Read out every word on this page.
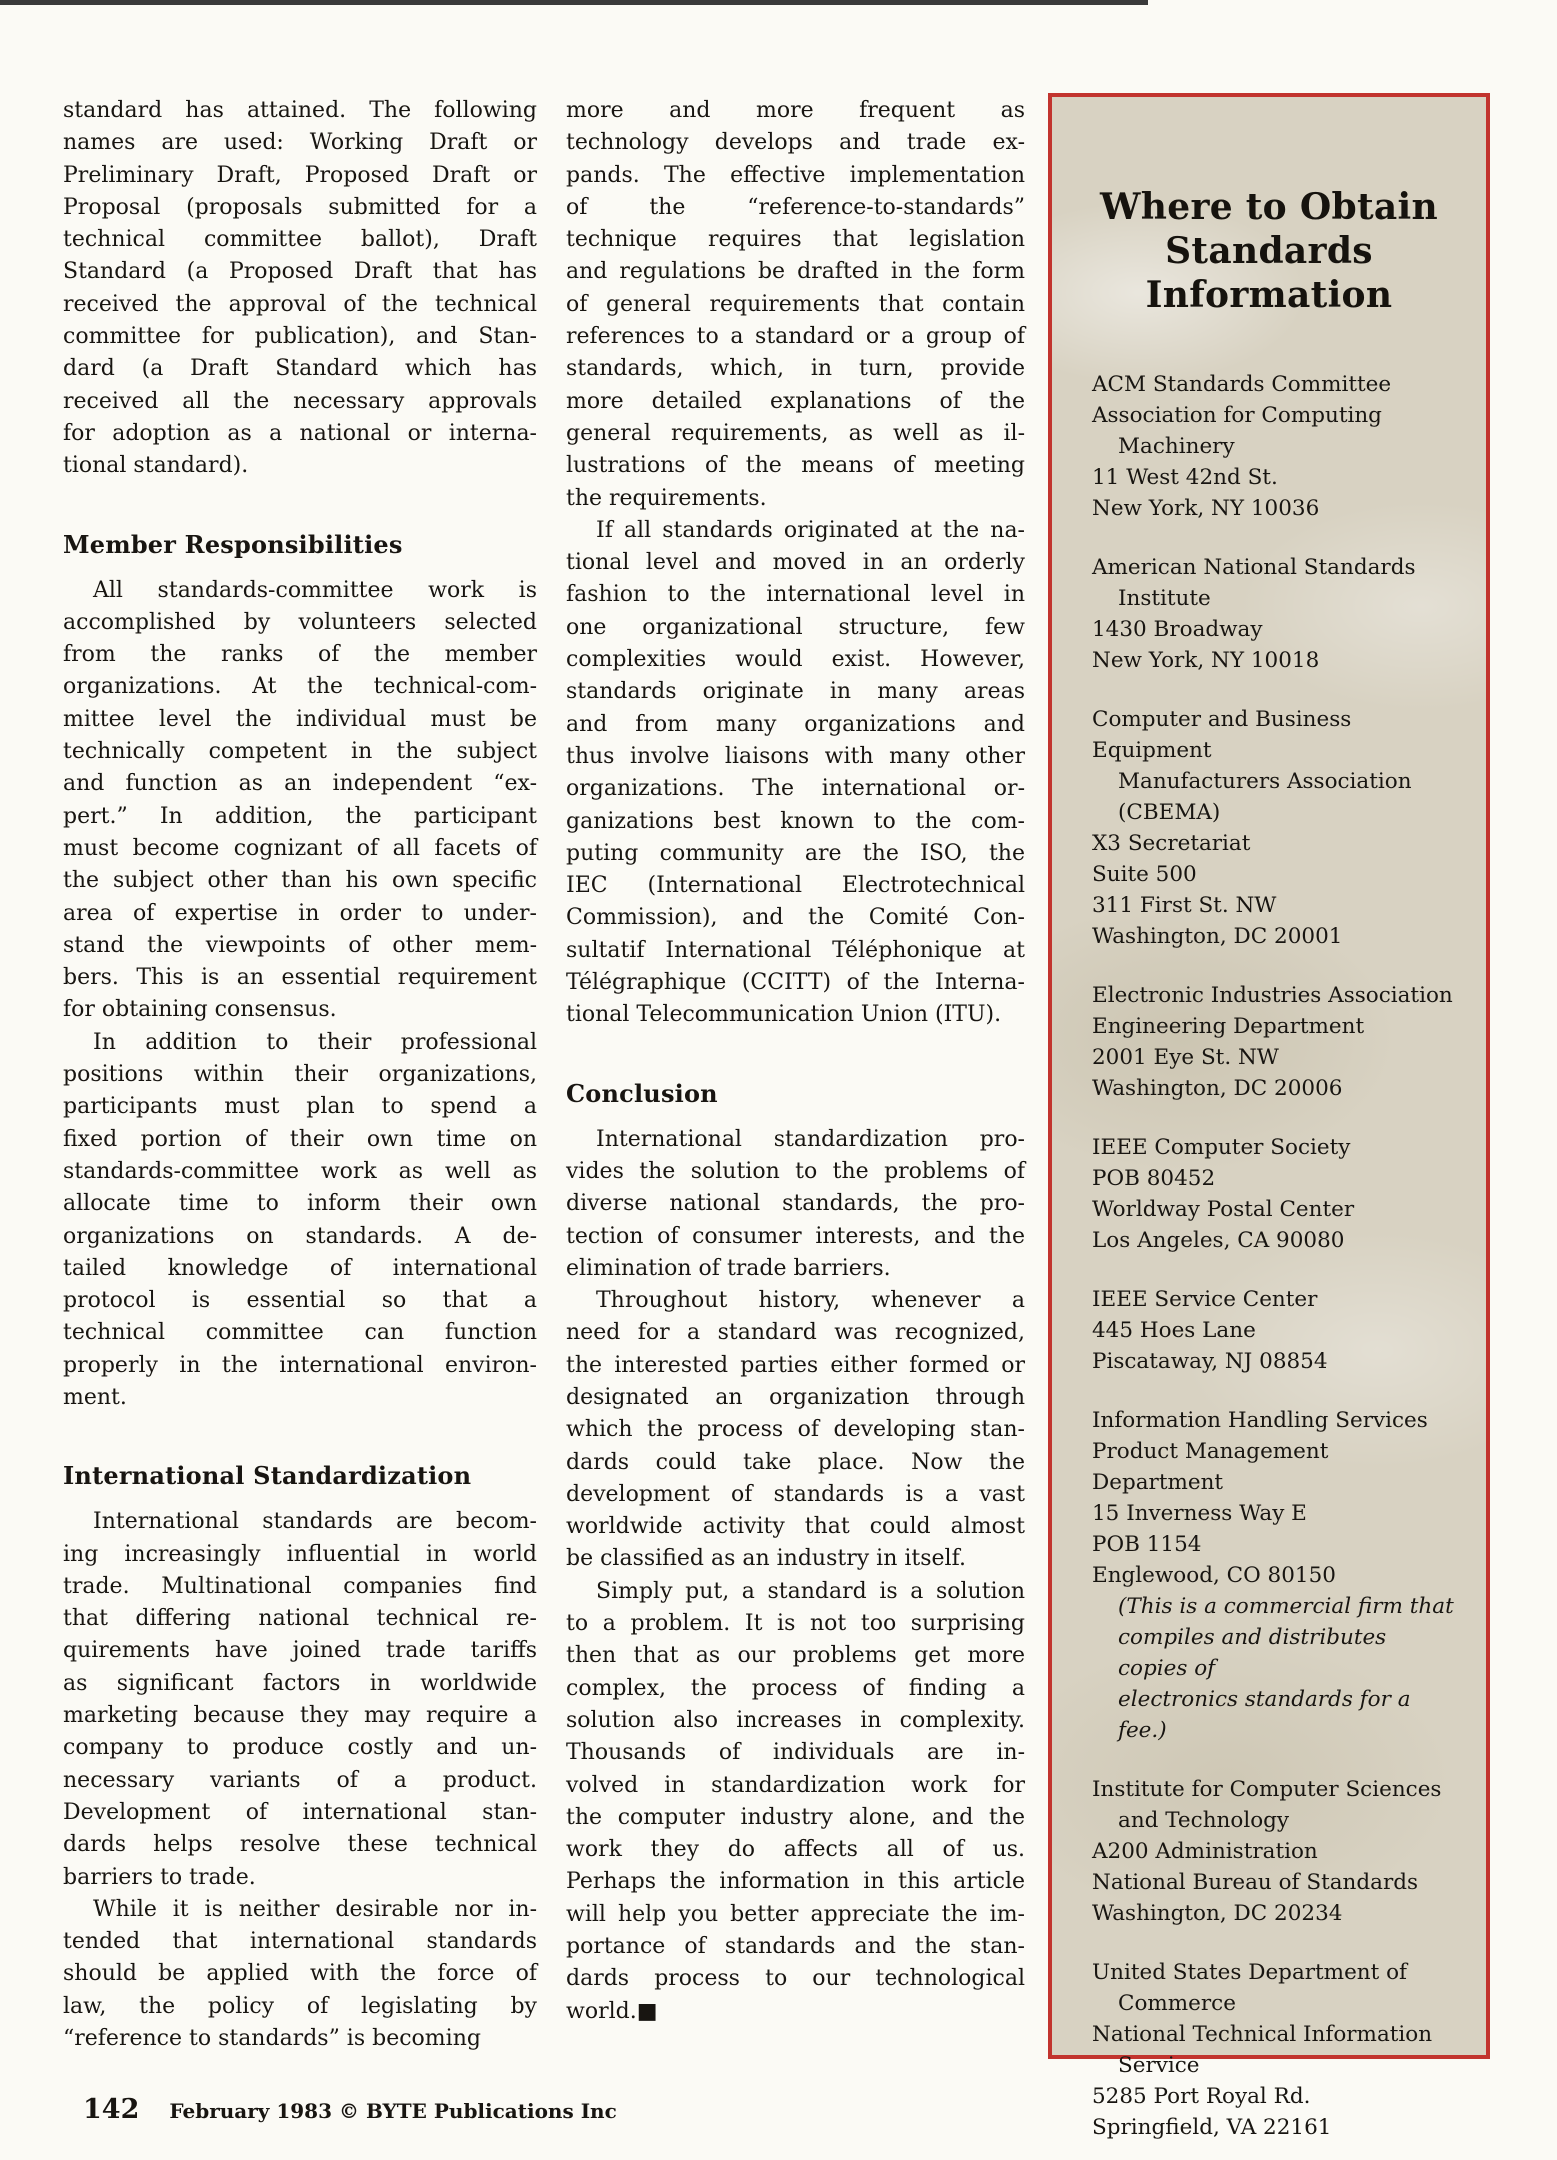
standard has attained. The following
names are used: Working Draft or
Preliminary Draft, Proposed Draft or
Proposal (proposals submitted for a
technical committee ballot), Draft
Standard (a Proposed Draft that has
received the approval of the technical
committee for publication), and Stan-
dard (a Draft Standard which has
received all the necessary approvals
for adoption as a national or interna-
tional standard).
Member Responsibilities
All standards-committee work is
accomplished by volunteers selected
from the ranks of the member
organizations. At the technical-com-
mittee level the individual must be
technically competent in the subject
and function as an independent “ex-
pert.” In addition, the participant
must become cognizant of all facets of
the subject other than his own specific
area of expertise in order to under-
stand the viewpoints of other mem-
bers. This is an essential requirement
for obtaining consensus.
In addition to their professional
positions within their organizations,
participants must plan to spend a
fixed portion of their own time on
standards-committee work as well as
allocate time to inform their own
organizations on standards. A de-
tailed knowledge of international
protocol is essential so that a
technical committee can function
properly in the international environ-
ment.
International Standardization
International standards are becom-
ing increasingly influential in world
trade. Multinational companies find
that differing national technical re-
quirements have joined trade tariffs
as significant factors in worldwide
marketing because they may require a
company to produce costly and un-
necessary variants of a product.
Development of international stan-
dards helps resolve these technical
barriers to trade.
While it is neither desirable nor in-
tended that international standards
should be applied with the force of
law, the policy of legislating by
“reference to standards” is becoming
more and more frequent as
technology develops and trade ex-
pands. The effective implementation
of the “reference-to-standards”
technique requires that legislation
and regulations be drafted in the form
of general requirements that contain
references to a standard or a group of
standards, which, in turn, provide
more detailed explanations of the
general requirements, as well as il-
lustrations of the means of meeting
the requirements.
If all standards originated at the na-
tional level and moved in an orderly
fashion to the international level in
one organizational structure, few
complexities would exist. However,
standards originate in many areas
and from many organizations and
thus involve liaisons with many other
organizations. The international or-
ganizations best known to the com-
puting community are the ISO, the
IEC (International Electrotechnical
Commission), and the Comité Con-
sultatif International Téléphonique at
Télégraphique (CCITT) of the Interna-
tional Telecommunication Union (ITU).
Conclusion
International standardization pro-
vides the solution to the problems of
diverse national standards, the pro-
tection of consumer interests, and the
elimination of trade barriers.
Throughout history, whenever a
need for a standard was recognized,
the interested parties either formed or
designated an organization through
which the process of developing stan-
dards could take place. Now the
development of standards is a vast
worldwide activity that could almost
be classified as an industry in itself.
Simply put, a standard is a solution
to a problem. It is not too surprising
then that as our problems get more
complex, the process of finding a
solution also increases in complexity.
Thousands of individuals are in-
volved in standardization work for
the computer industry alone, and the
work they do affects all of us.
Perhaps the information in this article
will help you better appreciate the im-
portance of standards and the stan-
dards process to our technological
world.■
Where to Obtain
Standards Information
ACM Standards Committee
Association for Computing
Machinery
11 West 42nd St.
New York, NY 10036
American National Standards
Institute
1430 Broadway
New York, NY 10018
Computer and Business Equipment
Manufacturers Association
(CBEMA)
X3 Secretariat
Suite 500
311 First St. NW
Washington, DC 20001
Electronic Industries Association
Engineering Department
2001 Eye St. NW
Washington, DC 20006
IEEE Computer Society
POB 80452
Worldway Postal Center
Los Angeles, CA 90080
IEEE Service Center
445 Hoes Lane
Piscataway, NJ 08854
Information Handling Services
Product Management Department
15 Inverness Way E
POB 1154
Englewood, CO 80150
(This is a commercial firm that
compiles and distributes copies of
electronics standards for a fee.)
Institute for Computer Sciences
and Technology
A200 Administration
National Bureau of Standards
Washington, DC 20234
United States Department of
Commerce
National Technical Information
Service
5285 Port Royal Rd.
Springfield, VA 22161
142 February 1983 © BYTE Publications Inc
